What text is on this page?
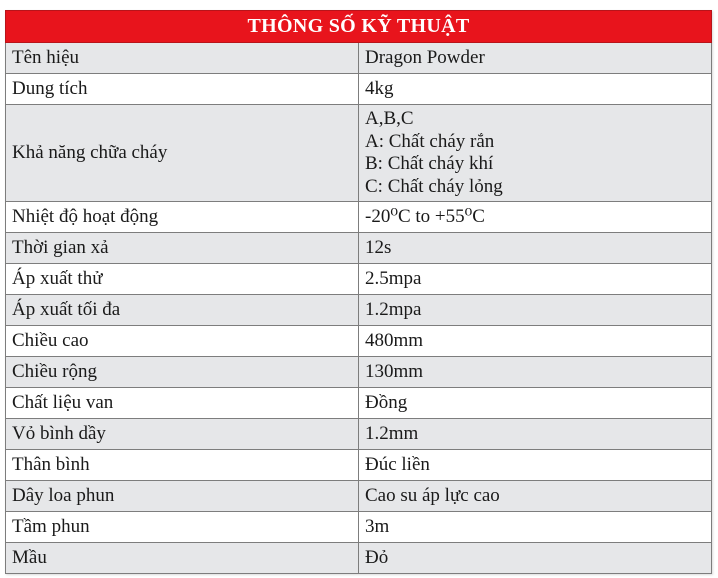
THÔNG SỐ KỸ THUẬT	
Tên hiệu	Dragon Powder
Dung tích	4kg
Khả năng chữa cháy	A,B,C
A: Chất cháy rắn
B: Chất cháy khí
C: Chất cháy lỏng

Nhiệt độ hoạt động	-20⁰C to +55⁰C
Thời gian xả	12s
Áp xuất thử	2.5mpa
Áp xuất tối đa	1.2mpa
Chiều cao	480mm
Chiều rộng	130mm
Chất liệu van	Đồng
Vỏ bình dầy	1.2mm
Thân bình	Đúc liền
Dây loa phun	Cao su áp lực cao
Tầm phun	3m
Mầu	Đỏ
